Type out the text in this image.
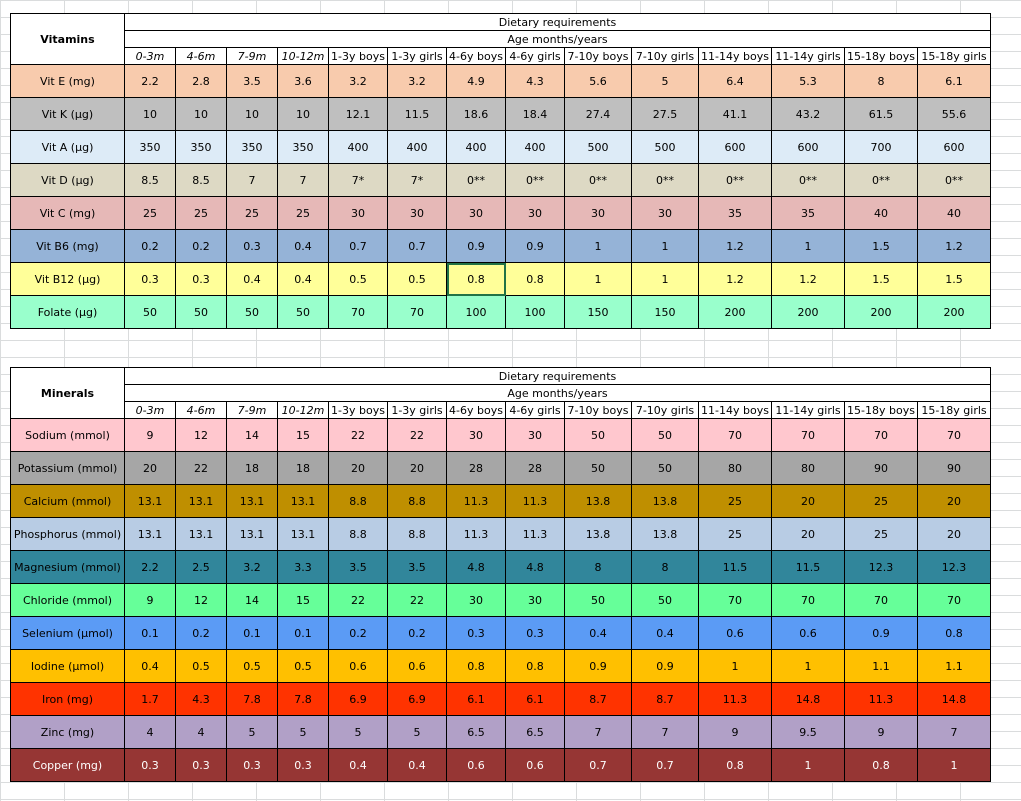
Vitamins	Dietary requirements													
	Age months/years													
	0-3m	4-6m	7-9m	10-12m	1-3y boys	1-3y girls	4-6y boys	4-6y girls	7-10y boys	7-10y girls	11-14y boys	11-14y girls	15-18y boys	15-18y girls
Vit E (mg)	2.2	2.8	3.5	3.6	3.2	3.2	4.9	4.3	5.6	5	6.4	5.3	8	6.1
Vit K (µg)	10	10	10	10	12.1	11.5	18.6	18.4	27.4	27.5	41.1	43.2	61.5	55.6
Vit A (µg)	350	350	350	350	400	400	400	400	500	500	600	600	700	600
Vit D (µg)	8.5	8.5	7	7	7*	7*	0**	0**	0**	0**	0**	0**	0**	0**
Vit C (mg)	25	25	25	25	30	30	30	30	30	30	35	35	40	40
Vit B6 (mg)	0.2	0.2	0.3	0.4	0.7	0.7	0.9	0.9	1	1	1.2	1	1.5	1.2
Vit B12 (µg)	0.3	0.3	0.4	0.4	0.5	0.5	0.8	0.8	1	1	1.2	1.2	1.5	1.5
Folate (µg)	50	50	50	50	70	70	100	100	150	150	200	200	200	200
Minerals	Dietary requirements													
	Age months/years													
	0-3m	4-6m	7-9m	10-12m	1-3y boys	1-3y girls	4-6y boys	4-6y girls	7-10y boys	7-10y girls	11-14y boys	11-14y girls	15-18y boys	15-18y girls
Sodium (mmol)	9	12	14	15	22	22	30	30	50	50	70	70	70	70
Potassium (mmol)	20	22	18	18	20	20	28	28	50	50	80	80	90	90
Calcium (mmol)	13.1	13.1	13.1	13.1	8.8	8.8	11.3	11.3	13.8	13.8	25	20	25	20
Phosphorus (mmol)	13.1	13.1	13.1	13.1	8.8	8.8	11.3	11.3	13.8	13.8	25	20	25	20
Magnesium (mmol)	2.2	2.5	3.2	3.3	3.5	3.5	4.8	4.8	8	8	11.5	11.5	12.3	12.3
Chloride (mmol)	9	12	14	15	22	22	30	30	50	50	70	70	70	70
Selenium (µmol)	0.1	0.2	0.1	0.1	0.2	0.2	0.3	0.3	0.4	0.4	0.6	0.6	0.9	0.8
Iodine (µmol)	0.4	0.5	0.5	0.5	0.6	0.6	0.8	0.8	0.9	0.9	1	1	1.1	1.1
Iron (mg)	1.7	4.3	7.8	7.8	6.9	6.9	6.1	6.1	8.7	8.7	11.3	14.8	11.3	14.8
Zinc (mg)	4	4	5	5	5	5	6.5	6.5	7	7	9	9.5	9	7
Copper (mg)	0.3	0.3	0.3	0.3	0.4	0.4	0.6	0.6	0.7	0.7	0.8	1	0.8	1
